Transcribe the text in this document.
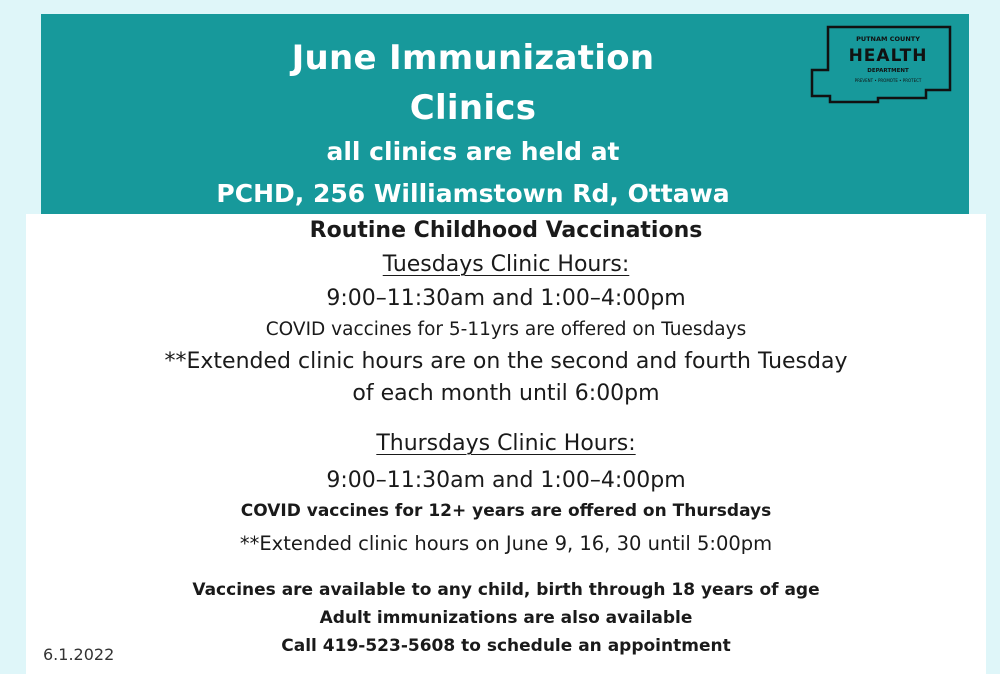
June Immunization
Clinics
all clinics are held at
PCHD, 256 Williamstown Rd, Ottawa
PUTNAM COUNTY
HEALTH
DEPARTMENT
PREVENT • PROMOTE • PROTECT
Routine Childhood Vaccinations
Tuesdays Clinic Hours:
9:00–11:30am and 1:00–4:00pm
COVID vaccines for 5-11yrs are offered on Tuesdays
**Extended clinic hours are on the second and fourth Tuesday
of each month until 6:00pm
Thursdays Clinic Hours:
9:00–11:30am and 1:00–4:00pm
COVID vaccines for 12+ years are offered on Thursdays
**Extended clinic hours on June 9, 16, 30 until 5:00pm
Vaccines are available to any child, birth through 18 years of age
Adult immunizations are also available
Call 419-523-5608 to schedule an appointment
6.1.2022
